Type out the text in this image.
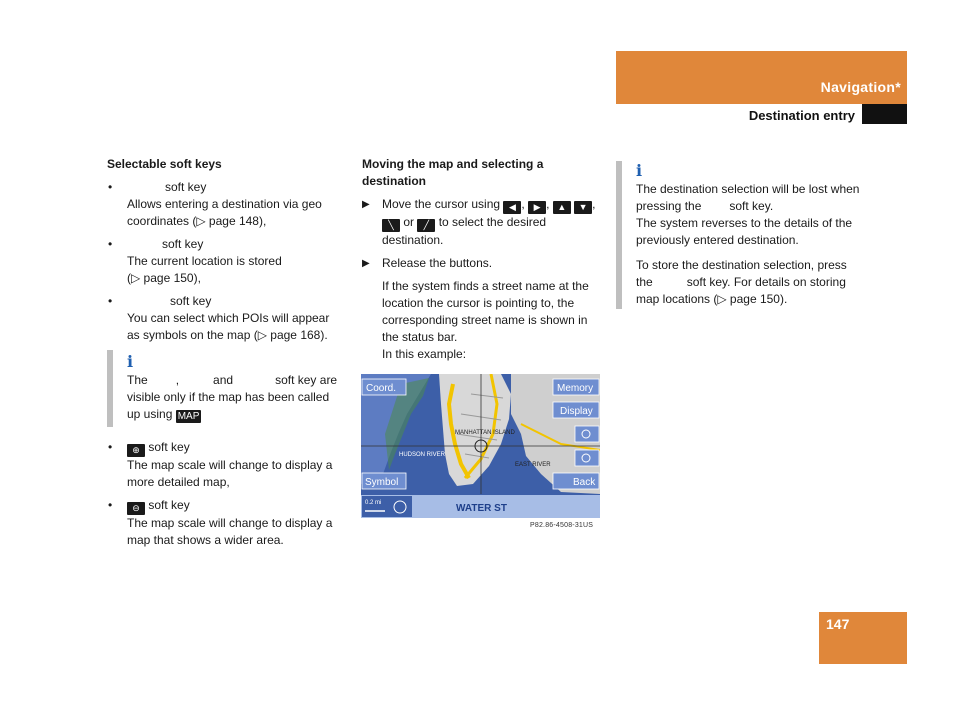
Navigation*
Destination entry

Selectable soft keys

•	soft key

Allows entering a destination via geo coordinates (▷ page 148),

•	soft key

The current location is stored

(▷ page 150),

•	soft key

You can select which POIs will appear as symbols on the map (▷ page 168).

i

The ,	and	soft key are visible only if the map has been called up using MAP

•	⊕ soft key

The map scale will change to display a more detailed map,

•	⊖ soft key

The map scale will change to display a map that shows a wider area.

Moving the map and selecting a destination

▶ Move the cursor using ◀ , ▶ , ▲ ▼ , ╲ or ╱ to select the desired destination.

▶ Release the buttons.

If the system finds a street name at the location the cursor is pointing to, the corresponding street name is shown in the status bar.

In this example:

Coord.	Memory
Display
Symbol	Back
MANHATTAN ISLAND
HUDSON RIVER
EAST RIVER
0.2 mi	WATER ST
P82.86-4508-31US
i

The destination selection will be lost when pressing the soft key.

The system reverses to the details of the previously entered destination.

To store the destination selection, press the	soft key. For details on storing map locations (▷ page 150).

147
